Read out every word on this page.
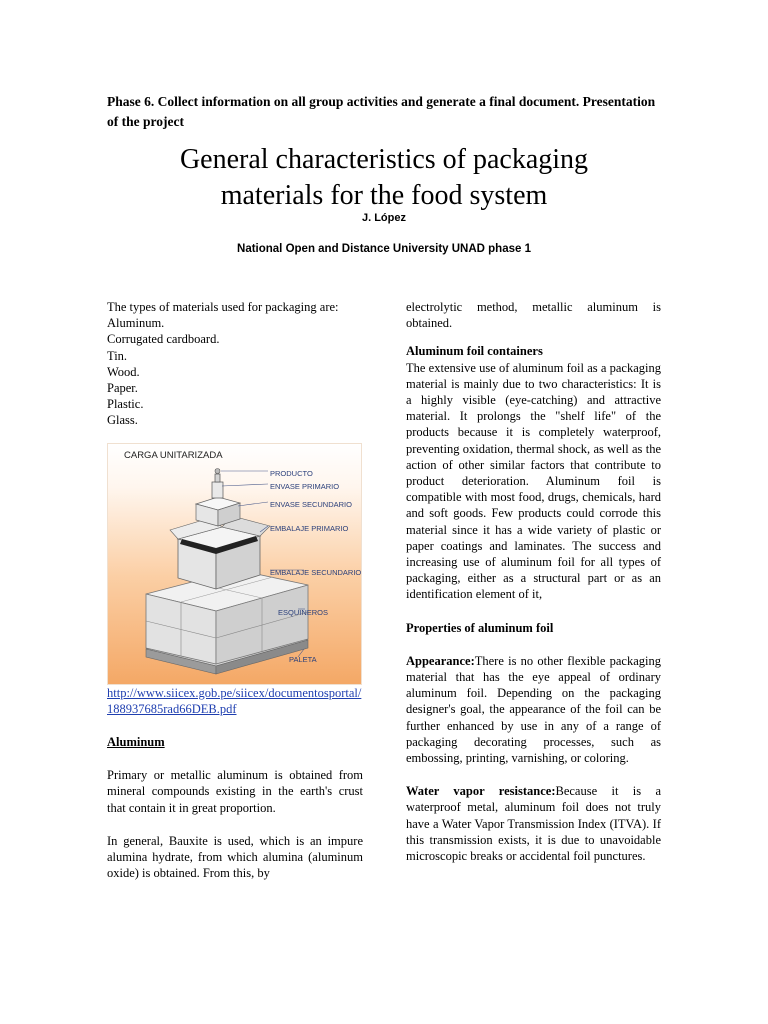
Phase 6. Collect information on all group activities and generate a final document. Presentation of the project
General characteristics of packaging
materials for the food system
J. López
National Open and Distance University UNAD phase 1

The types of materials used for packaging are:

Aluminum.
Corrugated cardboard.
Tin.
Wood.
Paper.
Plastic.
Glass.
CARGA UNITARIZADA
PRODUCTO
ENVASE PRIMARIO
ENVASE SECUNDARIO
EMBALAJE PRIMARIO
EMBALAJE SECUNDARIO
ESQUINEROS
PALETA

http://www.siicex.gob.pe/siicex/documentosportal/188937685rad66DEB.pdf

Aluminum

Primary or metallic aluminum is obtained from mineral compounds existing in the earth's crust that contain it in great proportion.

In general, Bauxite is used, which is an impure alumina hydrate, from which alumina (aluminum oxide) is obtained. From this, by

electrolytic method, metallic aluminum is obtained.

Aluminum foil containers

The extensive use of aluminum foil as a packaging material is mainly due to two characteristics: It is a highly visible (eye-catching) and attractive material. It prolongs the "shelf life" of the products because it is completely waterproof, preventing oxidation, thermal shock, as well as the action of other similar factors that contribute to product deterioration. Aluminum foil is compatible with most food, drugs, chemicals, hard and soft goods. Few products could corrode this material since it has a wide variety of plastic or paper coatings and laminates. The success and increasing use of aluminum foil for all types of packaging, either as a structural part or as an identification element of it,

Properties of aluminum foil

Appearance:There is no other flexible packaging material that has the eye appeal of ordinary aluminum foil. Depending on the packaging designer's goal, the appearance of the foil can be further enhanced by use in any of a range of packaging decorating processes, such as embossing, printing, varnishing, or coloring.

Water vapor resistance:Because it is a waterproof metal, aluminum foil does not truly have a Water Vapor Transmission Index (ITVA). If this transmission exists, it is due to unavoidable microscopic breaks or accidental foil punctures.
